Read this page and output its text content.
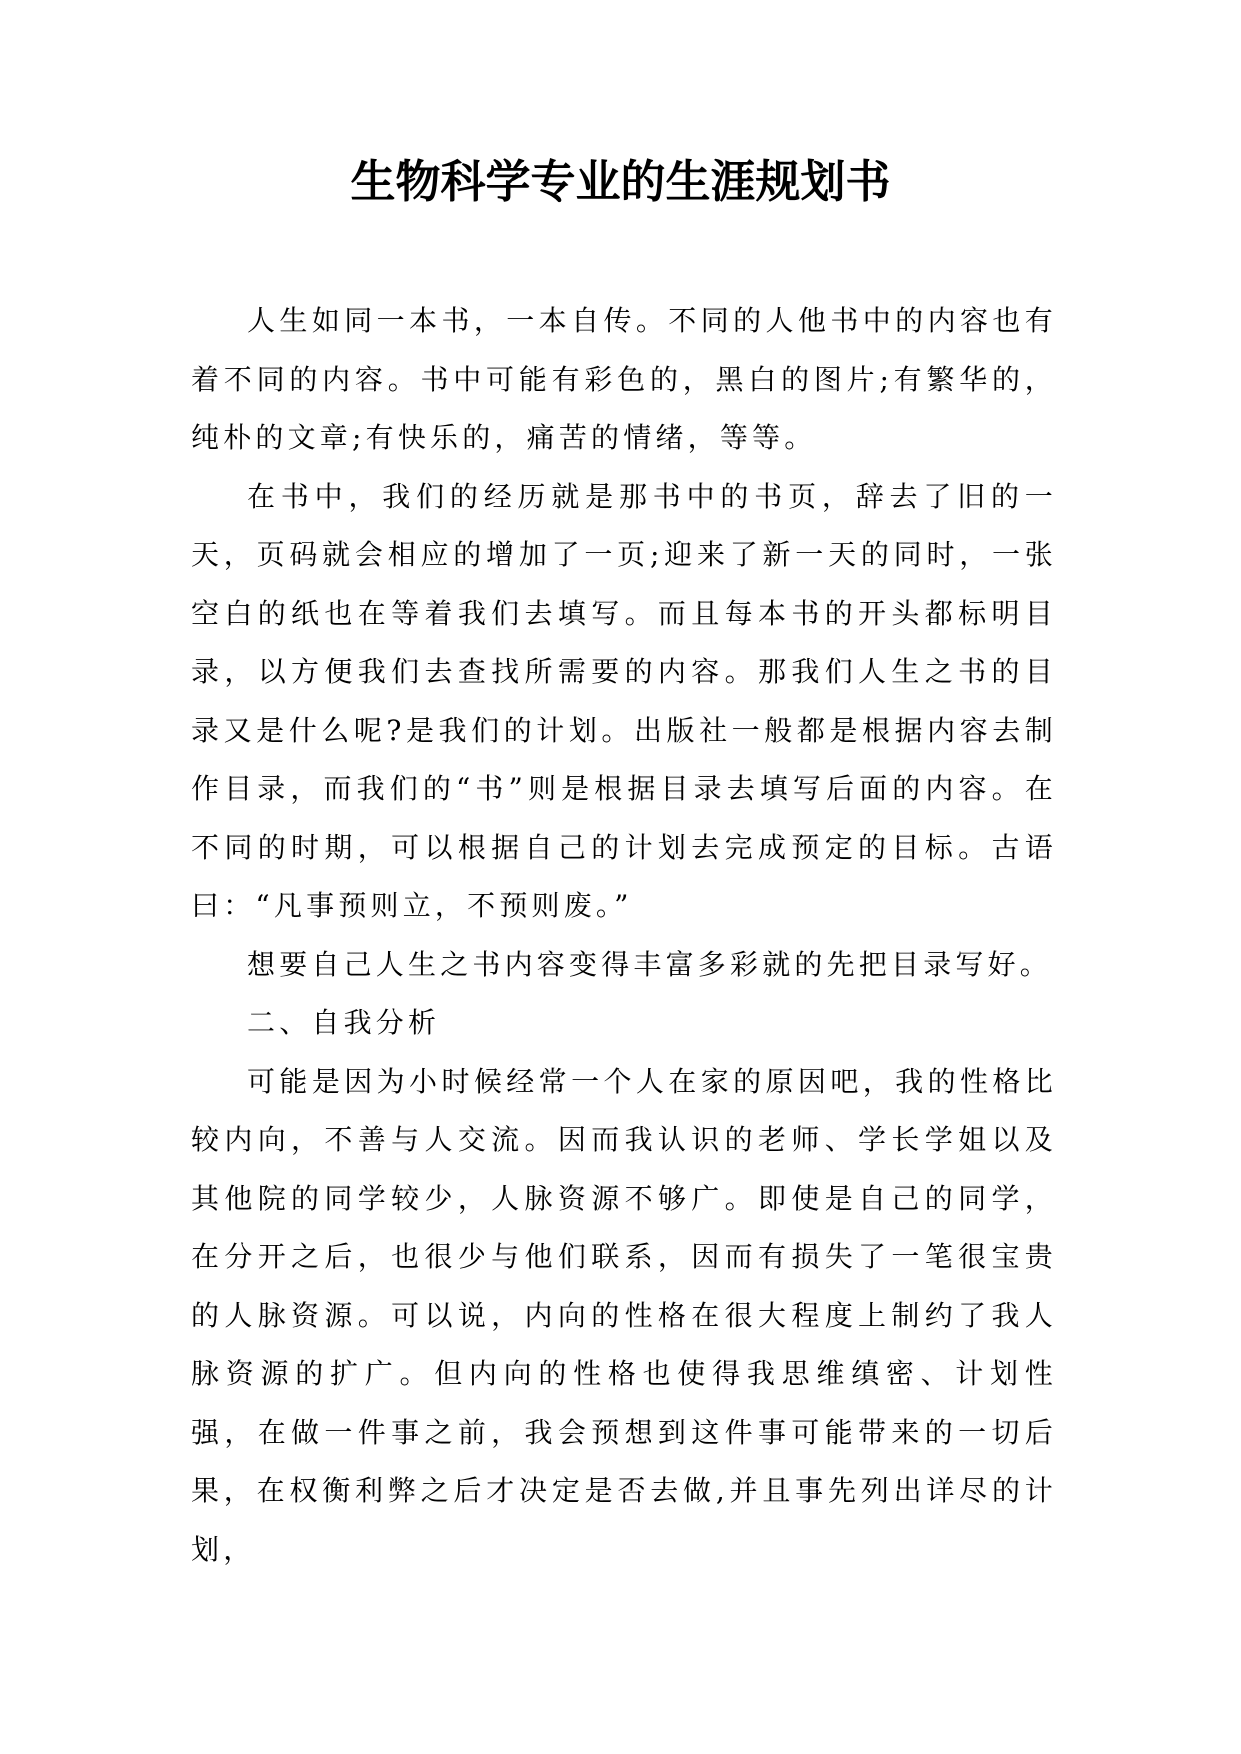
生物科学专业的生涯规划书

人生如同一本书，一本自传。不同的人他书中的内容也有着不同的内容。书中可能有彩色的，黑白的图片;有繁华的，纯朴的文章;有快乐的，痛苦的情绪，等等。

在书中，我们的经历就是那书中的书页，辞去了旧的一天，页码就会相应的增加了一页;迎来了新一天的同时，一张空白的纸也在等着我们去填写。而且每本书的开头都标明目录，以方便我们去查找所需要的内容。那我们人生之书的目录又是什么呢?是我们的计划。出版社一般都是根据内容去制作目录，而我们的“书”则是根据目录去填写后面的内容。在不同的时期，可以根据自己的计划去完成预定的目标。古语曰：“凡事预则立，不预则废。”

想要自己人生之书内容变得丰富多彩就的先把目录写好。

二、自我分析

可能是因为小时候经常一个人在家的原因吧，我的性格比较内向，不善与人交流。因而我认识的老师、学长学姐以及其他院的同学较少，人脉资源不够广。即使是自己的同学，在分开之后，也很少与他们联系，因而有损失了一笔很宝贵的人脉资源。可以说，内向的性格在很大程度上制约了我人脉资源的扩广。但内向的性格也使得我思维缜密、计划性强，在做一件事之前，我会预想到这件事可能带来的一切后果，在权衡利弊之后才决定是否去做,并且事先列出详尽的计划，
